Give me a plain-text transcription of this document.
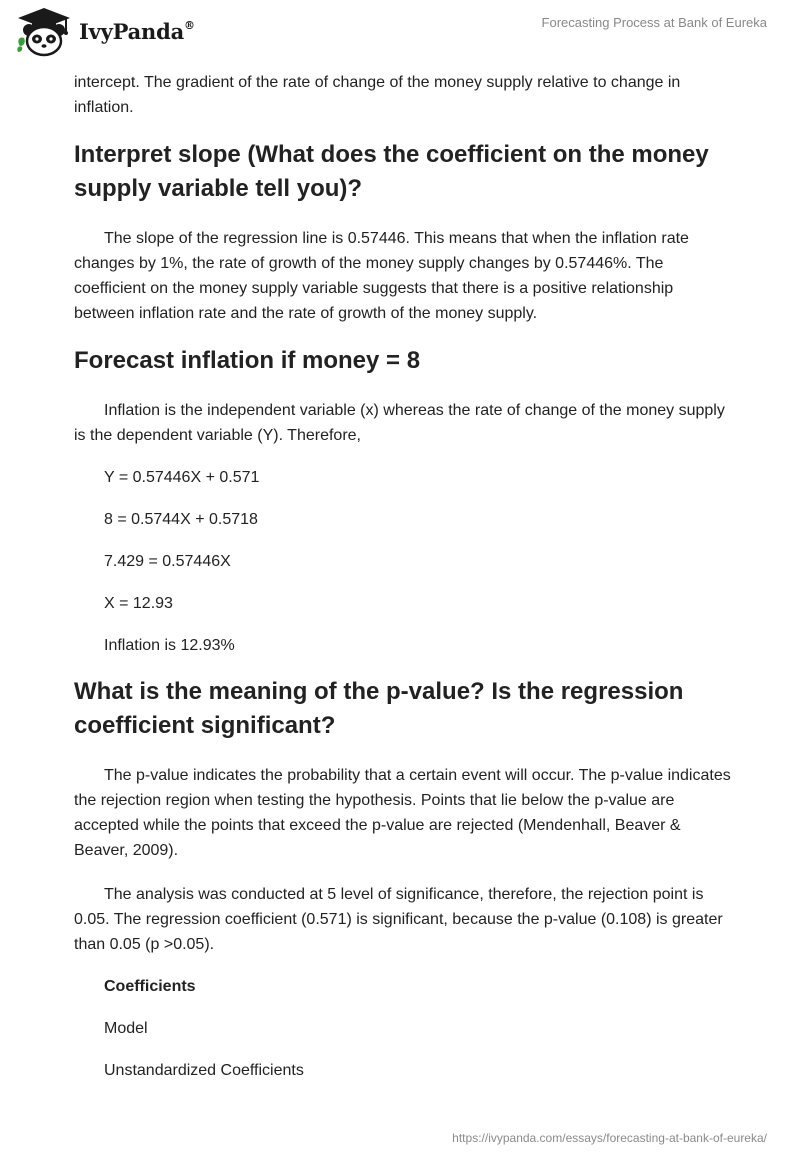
IvyPanda®	Forecasting Process at Bank of Eureka

intercept. The gradient of the rate of change of the money supply relative to change in inflation.

Interpret slope (What does the coefficient on the money supply variable tell you)?

The slope of the regression line is 0.57446. This means that when the inflation rate changes by 1%, the rate of growth of the money supply changes by 0.57446%. The coefficient on the money supply variable suggests that there is a positive relationship between inflation rate and the rate of growth of the money supply.

Forecast inflation if money = 8

Inflation is the independent variable (x) whereas the rate of change of the money supply is the dependent variable (Y). Therefore,

Y = 0.57446X + 0.571

8 = 0.5744X + 0.5718

7.429 = 0.57446X

X = 12.93

Inflation is 12.93%

What is the meaning of the p-value? Is the regression coefficient significant?

The p-value indicates the probability that a certain event will occur. The p-value indicates the rejection region when testing the hypothesis. Points that lie below the p-value are accepted while the points that exceed the p-value are rejected (Mendenhall, Beaver & Beaver, 2009).

The analysis was conducted at 5 level of significance, therefore, the rejection point is 0.05. The regression coefficient (0.571) is significant, because the p-value (0.108) is greater than 0.05 (p >0.05).

Coefficients

Model

Unstandardized Coefficients

https://ivypanda.com/essays/forecasting-at-bank-of-eureka/
